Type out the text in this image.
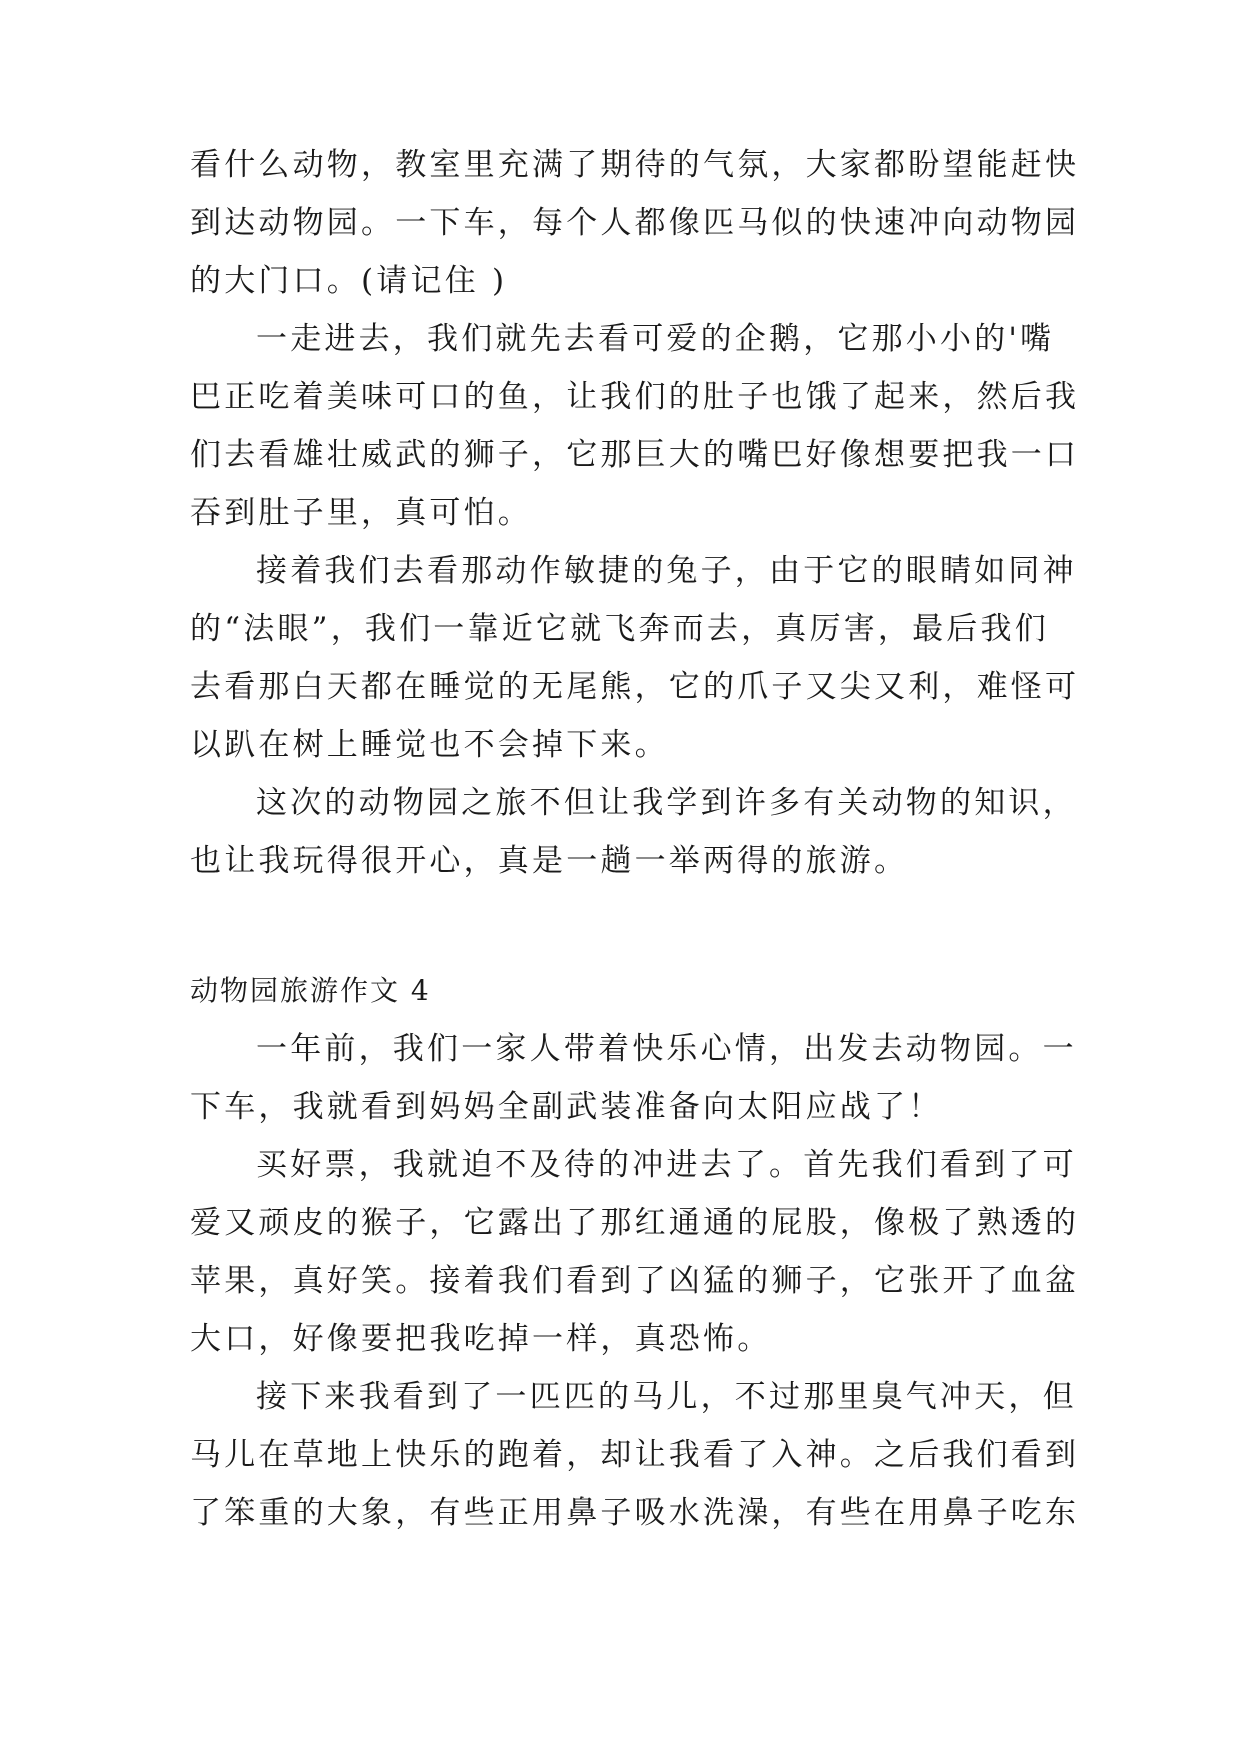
看什么动物，教室里充满了期待的气氛，大家都盼望能赶快
到达动物园。一下车，每个人都像匹马似的快速冲向动物园
的大门口。(请记住 )
一走进去，我们就先去看可爱的企鹅，它那小小的'嘴
巴正吃着美味可口的鱼，让我们的肚子也饿了起来，然后我
们去看雄壮威武的狮子，它那巨大的嘴巴好像想要把我一口
吞到肚子里，真可怕。
接着我们去看那动作敏捷的兔子，由于它的眼睛如同神
的“法眼”，我们一靠近它就飞奔而去，真厉害，最后我们
去看那白天都在睡觉的无尾熊，它的爪子又尖又利，难怪可
以趴在树上睡觉也不会掉下来。
这次的动物园之旅不但让我学到许多有关动物的知识，
也让我玩得很开心，真是一趟一举两得的旅游。
动物园旅游作文 4
一年前，我们一家人带着快乐心情，出发去动物园。一
下车，我就看到妈妈全副武装准备向太阳应战了！
买好票，我就迫不及待的冲进去了。首先我们看到了可
爱又顽皮的猴子，它露出了那红通通的屁股，像极了熟透的
苹果，真好笑。接着我们看到了凶猛的狮子，它张开了血盆
大口，好像要把我吃掉一样，真恐怖。
接下来我看到了一匹匹的马儿，不过那里臭气冲天，但
马儿在草地上快乐的跑着，却让我看了入神。之后我们看到
了笨重的大象，有些正用鼻子吸水洗澡，有些在用鼻子吃东
